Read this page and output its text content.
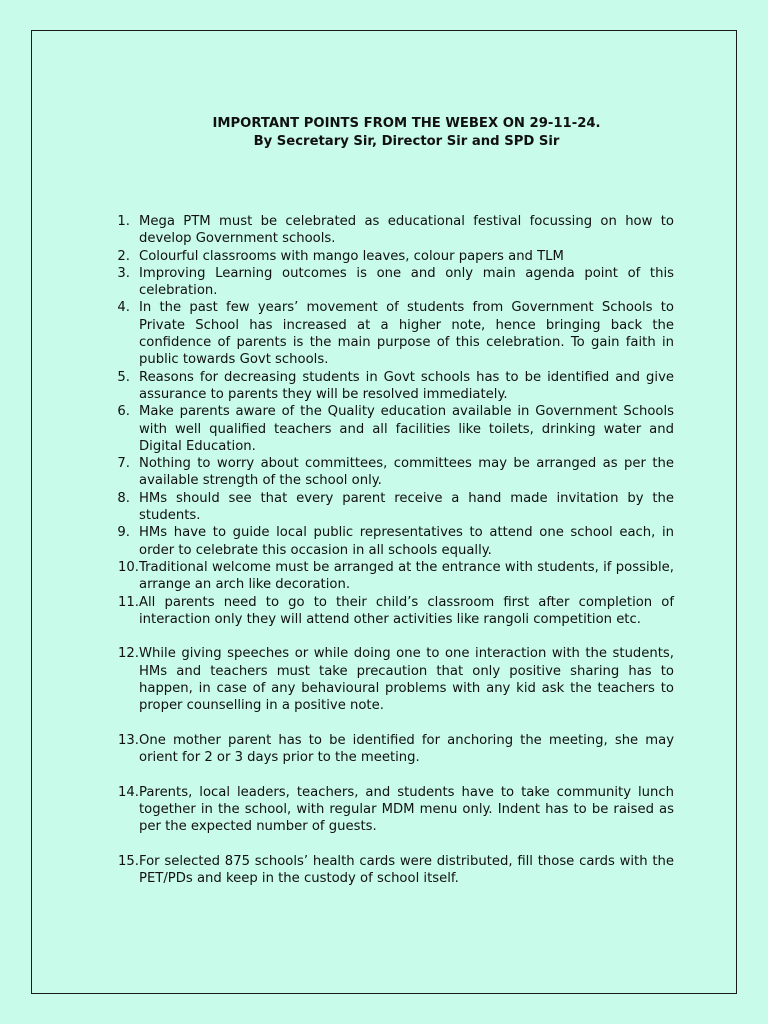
IMPORTANT POINTS FROM THE WEBEX ON 29-11-24.
By Secretary Sir, Director Sir and SPD Sir
1. Mega PTM must be celebrated as educational festival focussing on how to develop Government schools.
2. Colourful classrooms with mango leaves, colour papers and TLM
3. Improving Learning outcomes is one and only main agenda point of this celebration.
4. In the past few years’ movement of students from Government Schools to Private School has increased at a higher note, hence bringing back the confidence of parents is the main purpose of this celebration. To gain faith in public towards Govt schools.
5. Reasons for decreasing students in Govt schools has to be identified and give assurance to parents they will be resolved immediately.
6. Make parents aware of the Quality education available in Government Schools with well qualified teachers and all facilities like toilets, drinking water and Digital Education.
7. Nothing to worry about committees, committees may be arranged as per the available strength of the school only.
8. HMs should see that every parent receive a hand made invitation by the students.
9. HMs have to guide local public representatives to attend one school each, in order to celebrate this occasion in all schools equally.
10. Traditional welcome must be arranged at the entrance with students, if possible, arrange an arch like decoration.
11. All parents need to go to their child’s classroom first after completion of interaction only they will attend other activities like rangoli competition etc.
12. While giving speeches or while doing one to one interaction with the students, HMs and teachers must take precaution that only positive sharing has to happen, in case of any behavioural problems with any kid ask the teachers to proper counselling in a positive note.
13. One mother parent has to be identified for anchoring the meeting, she may orient for 2 or 3 days prior to the meeting.
14. Parents, local leaders, teachers, and students have to take community lunch together in the school, with regular MDM menu only. Indent has to be raised as per the expected number of guests.
15. For selected 875 schools’ health cards were distributed, fill those cards with the PET/PDs and keep in the custody of school itself.
